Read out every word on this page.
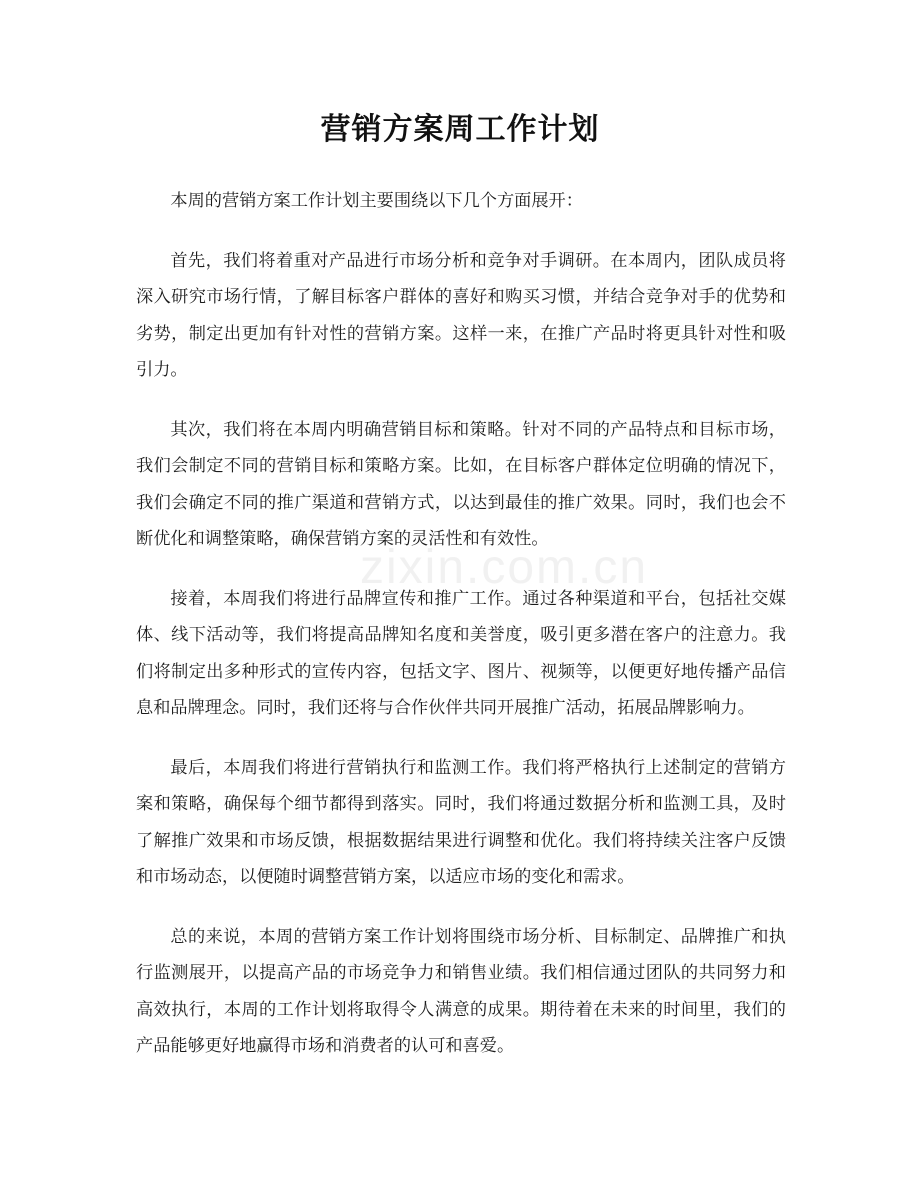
营销方案周工作计划
zixin.com.cn

本周的营销方案工作计划主要围绕以下几个方面展开：

首先，我们将着重对产品进行市场分析和竞争对手调研。在本周内，团队成员将深入研究市场行情，了解目标客户群体的喜好和购买习惯，并结合竞争对手的优势和劣势，制定出更加有针对性的营销方案。这样一来，在推广产品时将更具针对性和吸引力。

其次，我们将在本周内明确营销目标和策略。针对不同的产品特点和目标市场，我们会制定不同的营销目标和策略方案。比如，在目标客户群体定位明确的情况下，我们会确定不同的推广渠道和营销方式，以达到最佳的推广效果。同时，我们也会不断优化和调整策略，确保营销方案的灵活性和有效性。

接着，本周我们将进行品牌宣传和推广工作。通过各种渠道和平台，包括社交媒体、线下活动等，我们将提高品牌知名度和美誉度，吸引更多潜在客户的注意力。我们将制定出多种形式的宣传内容，包括文字、图片、视频等，以便更好地传播产品信息和品牌理念。同时，我们还将与合作伙伴共同开展推广活动，拓展品牌影响力。

最后，本周我们将进行营销执行和监测工作。我们将严格执行上述制定的营销方案和策略，确保每个细节都得到落实。同时，我们将通过数据分析和监测工具，及时了解推广效果和市场反馈，根据数据结果进行调整和优化。我们将持续关注客户反馈和市场动态，以便随时调整营销方案，以适应市场的变化和需求。

总的来说，本周的营销方案工作计划将围绕市场分析、目标制定、品牌推广和执行监测展开，以提高产品的市场竞争力和销售业绩。我们相信通过团队的共同努力和高效执行，本周的工作计划将取得令人满意的成果。期待着在未来的时间里，我们的产品能够更好地赢得市场和消费者的认可和喜爱。
